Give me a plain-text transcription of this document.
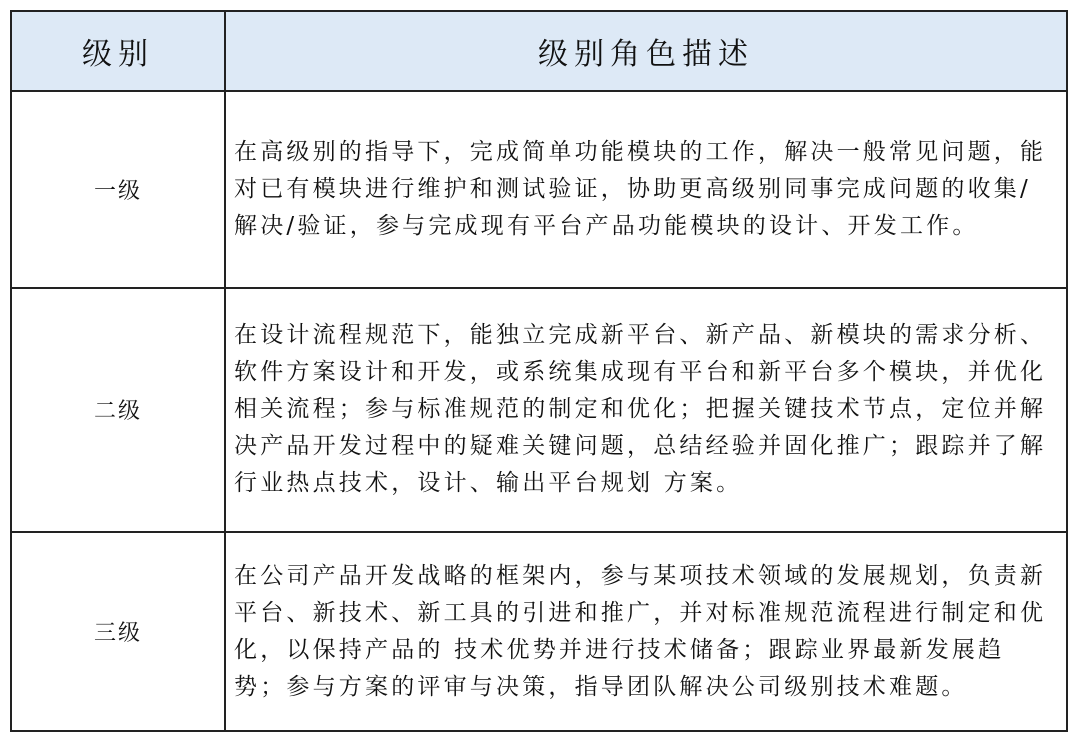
级别	级别角色描述
一级	在高级别的指导下，完成简单功能模块的工作，解决一般常见问题，能对已有模块进行维护和测试验证，协助更高级别同事完成问题的收集/解决/验证，参与完成现有平台产品功能模块的设计、开发工作。
二级	在设计流程规范下，能独立完成新平台、新产品、新模块的需求分析、软件方案设计和开发，或系统集成现有平台和新平台多个模块，并优化相关流程；参与标准规范的制定和优化；把握关键技术节点，定位并解决产品开发过程中的疑难关键问题，总结经验并固化推广；跟踪并了解行业热点技术，设计、输出平台规划 方案。
三级	在公司产品开发战略的框架内，参与某项技术领域的发展规划，负责新平台、新技术、新工具的引进和推广，并对标准规范流程进行制定和优化，以保持产品的 技术优势并进行技术储备；跟踪业界最新发展趋势；参与方案的评审与决策，指导团队解决公司级别技术难题。
